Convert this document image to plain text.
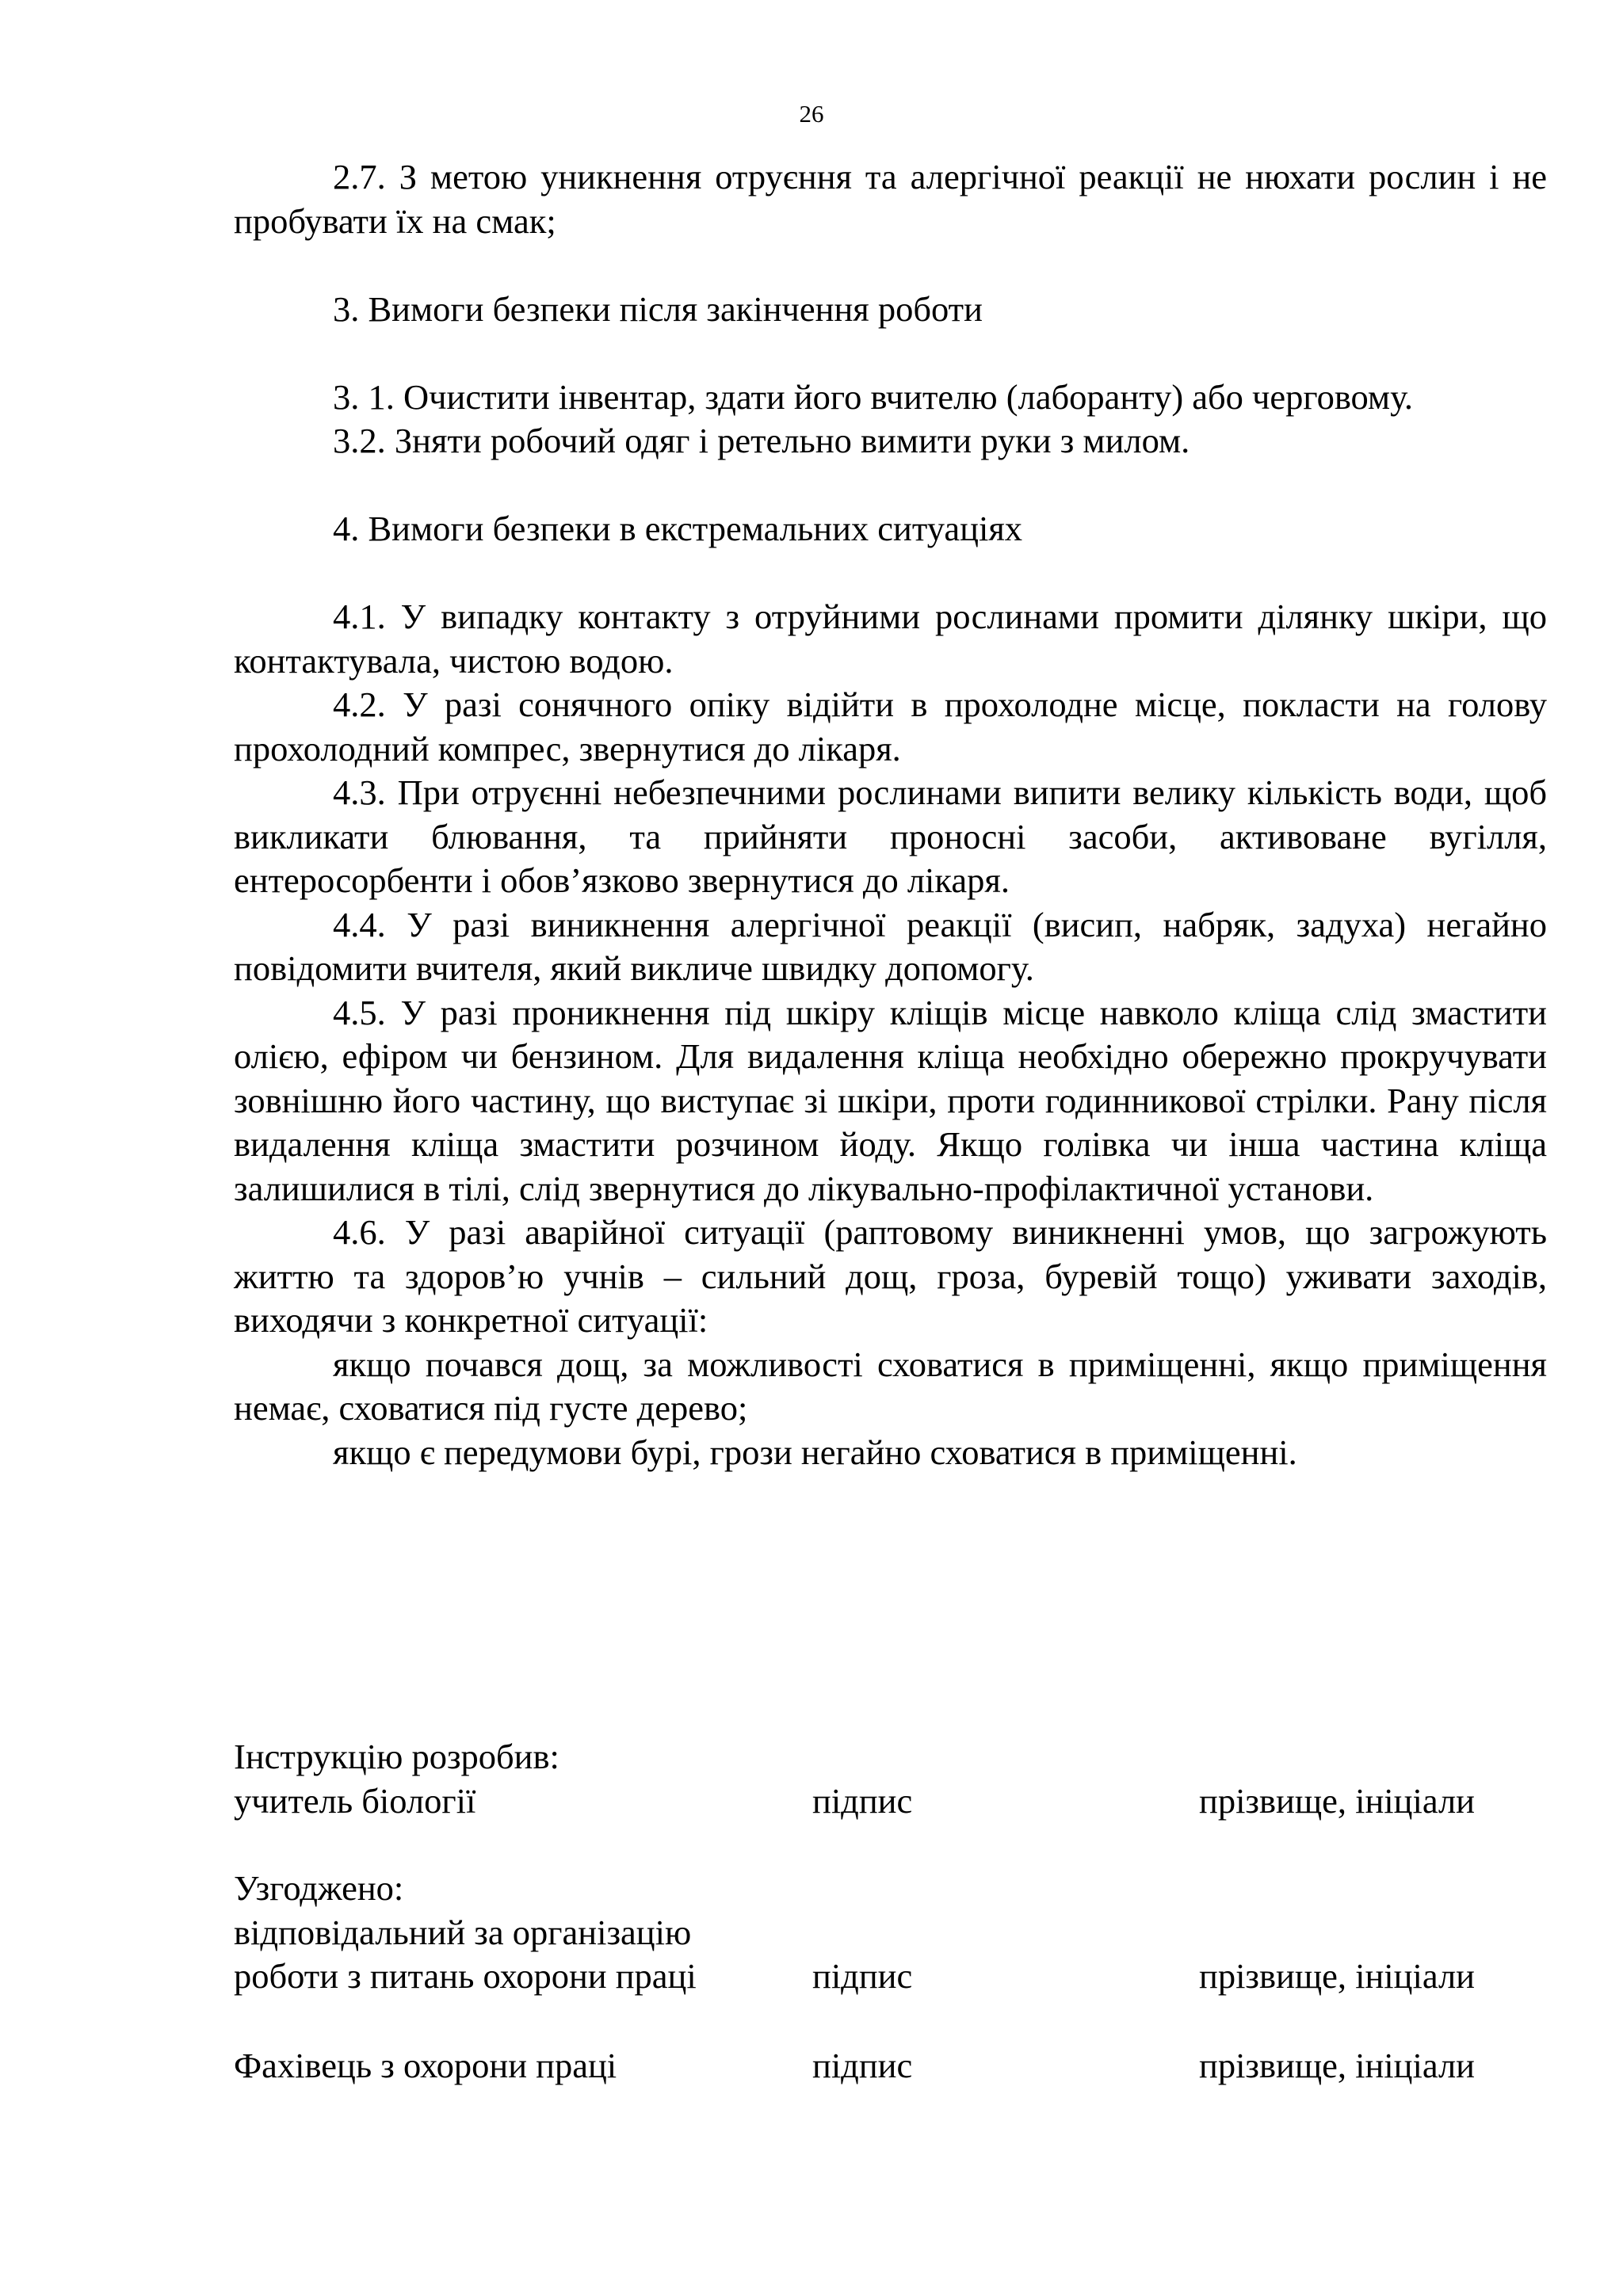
26

2.7. З метою уникнення отруєння та алергічної реакції не нюхати рослин і не пробувати їх на смак;

3. Вимоги безпеки після закінчення роботи

3. 1. Очистити інвентар, здати його вчителю (лаборанту) або черговому.

3.2. Зняти робочий одяг і ретельно вимити руки з милом.

4. Вимоги безпеки в екстремальних ситуаціях

4.1. У випадку контакту з отруйними рослинами промити ділянку шкіри, що контактувала, чистою водою.

4.2. У разі сонячного опіку відійти в прохолодне місце, покласти на голову прохолодний компрес, звернутися до лікаря.

4.3. При отруєнні небезпечними рослинами випити велику кількість води, щоб викликати блювання, та прийняти проносні засоби, активоване вугілля, ентеросорбенти і обов’язково звернутися до лікаря.

4.4. У разі виникнення алергічної реакції (висип, набряк, задуха) негайно повідомити вчителя, який викличе швидку допомогу.

4.5. У разі проникнення під шкіру кліщів місце навколо кліща слід змастити олією, ефіром чи бензином. Для видалення кліща необхідно обережно прокручувати зовнішню його частину, що виступає зі шкіри, проти годинникової стрілки. Рану після видалення кліща змастити розчином йоду. Якщо голівка чи інша частина кліща залишилися в тілі, слід звернутися до лікувально-профілактичної установи.

4.6. У разі аварійної ситуації (раптовому виникненні умов, що загрожують життю та здоров’ю учнів – сильний дощ, гроза, буревій тощо) уживати заходів, виходячи з конкретної ситуації:

якщо почався дощ, за можливості сховатися в приміщенні, якщо приміщення немає, сховатися під густе дерево;

якщо є передумови бурі, грози негайно сховатися в приміщенні.

Інструкцію розробив:
учитель біології	підпис	прізвище, ініціали
Узгоджено:
відповідальний за організацію
роботи з питань охорони праці	підпис	прізвище, ініціали
Фахівець з охорони праці	підпис	прізвище, ініціали
